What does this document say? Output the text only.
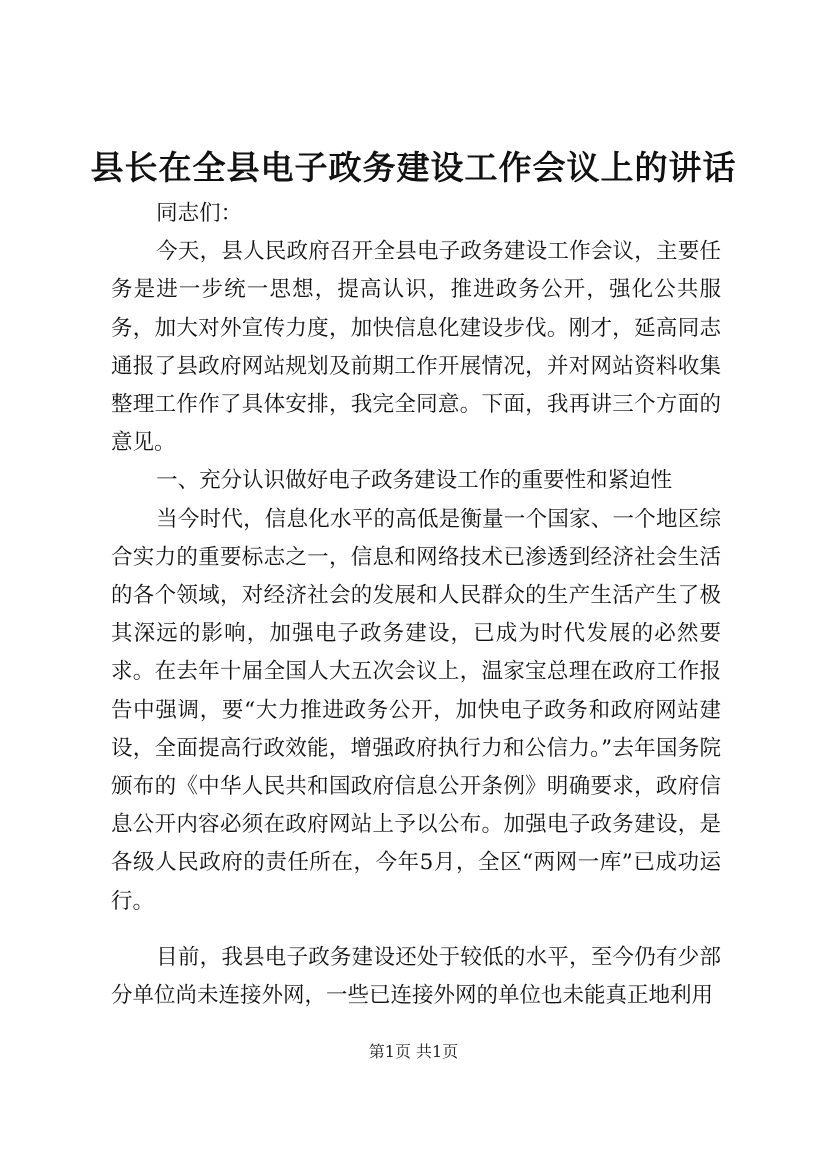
县长在全县电子政务建设工作会议上的讲话

同志们：

今天，县人民政府召开全县电子政务建设工作会议，主要任务是进一步统一思想，提高认识，推进政务公开，强化公共服务，加大对外宣传力度，加快信息化建设步伐。刚才，延高同志通报了县政府网站规划及前期工作开展情况，并对网站资料收集整理工作作了具体安排，我完全同意。下面，我再讲三个方面的意见。

一、充分认识做好电子政务建设工作的重要性和紧迫性

当今时代，信息化水平的高低是衡量一个国家、一个地区综合实力的重要标志之一，信息和网络技术已渗透到经济社会生活的各个领域，对经济社会的发展和人民群众的生产生活产生了极其深远的影响，加强电子政务建设，已成为时代发展的必然要求。在去年十届全国人大五次会议上，温家宝总理在政府工作报告中强调，要“大力推进政务公开，加快电子政务和政府网站建设，全面提高行政效能，增强政府执行力和公信力。”去年国务院颁布的《中华人民共和国政府信息公开条例》明确要求，政府信息公开内容必须在政府网站上予以公布。加强电子政务建设，是各级人民政府的责任所在，今年5月，全区“两网一库”已成功运行。

目前，我县电子政务建设还处于较低的水平，至今仍有少部分单位尚未连接外网，一些已连接外网的单位也未能真正地利用

第1页 共1页
